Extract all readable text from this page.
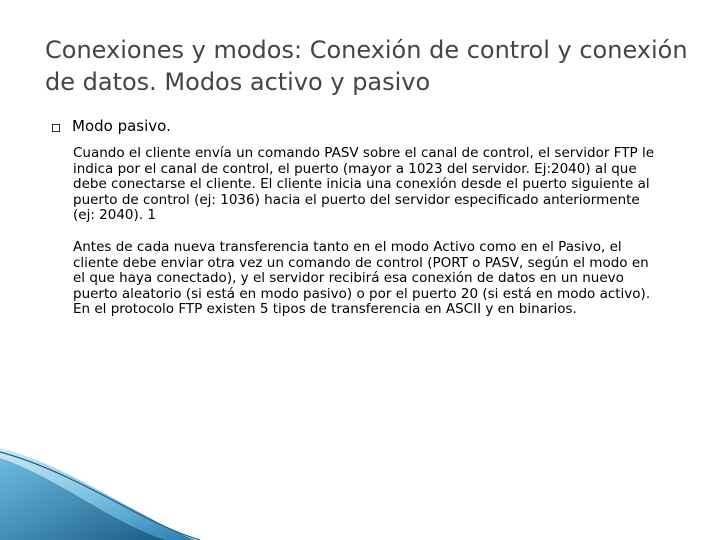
Conexiones y modos: Conexión de control y conexión de datos. Modos activo y pasivo
Modo pasivo.

Cuando el cliente envía un comando PASV sobre el canal de control, el servidor FTP le indica por el canal de control, el puerto (mayor a 1023 del servidor. Ej:2040) al que debe conectarse el cliente. El cliente inicia una conexión desde el puerto siguiente al puerto de control (ej: 1036) hacia el puerto del servidor especificado anteriormente (ej: 2040). 1

Antes de cada nueva transferencia tanto en el modo Activo como en el Pasivo, el cliente debe enviar otra vez un comando de control (PORT o PASV, según el modo en el que haya conectado), y el servidor recibirá esa conexión de datos en un nuevo puerto aleatorio (si está en modo pasivo) o por el puerto 20 (si está en modo activo). En el protocolo FTP existen 5 tipos de transferencia en ASCII y en binarios.
